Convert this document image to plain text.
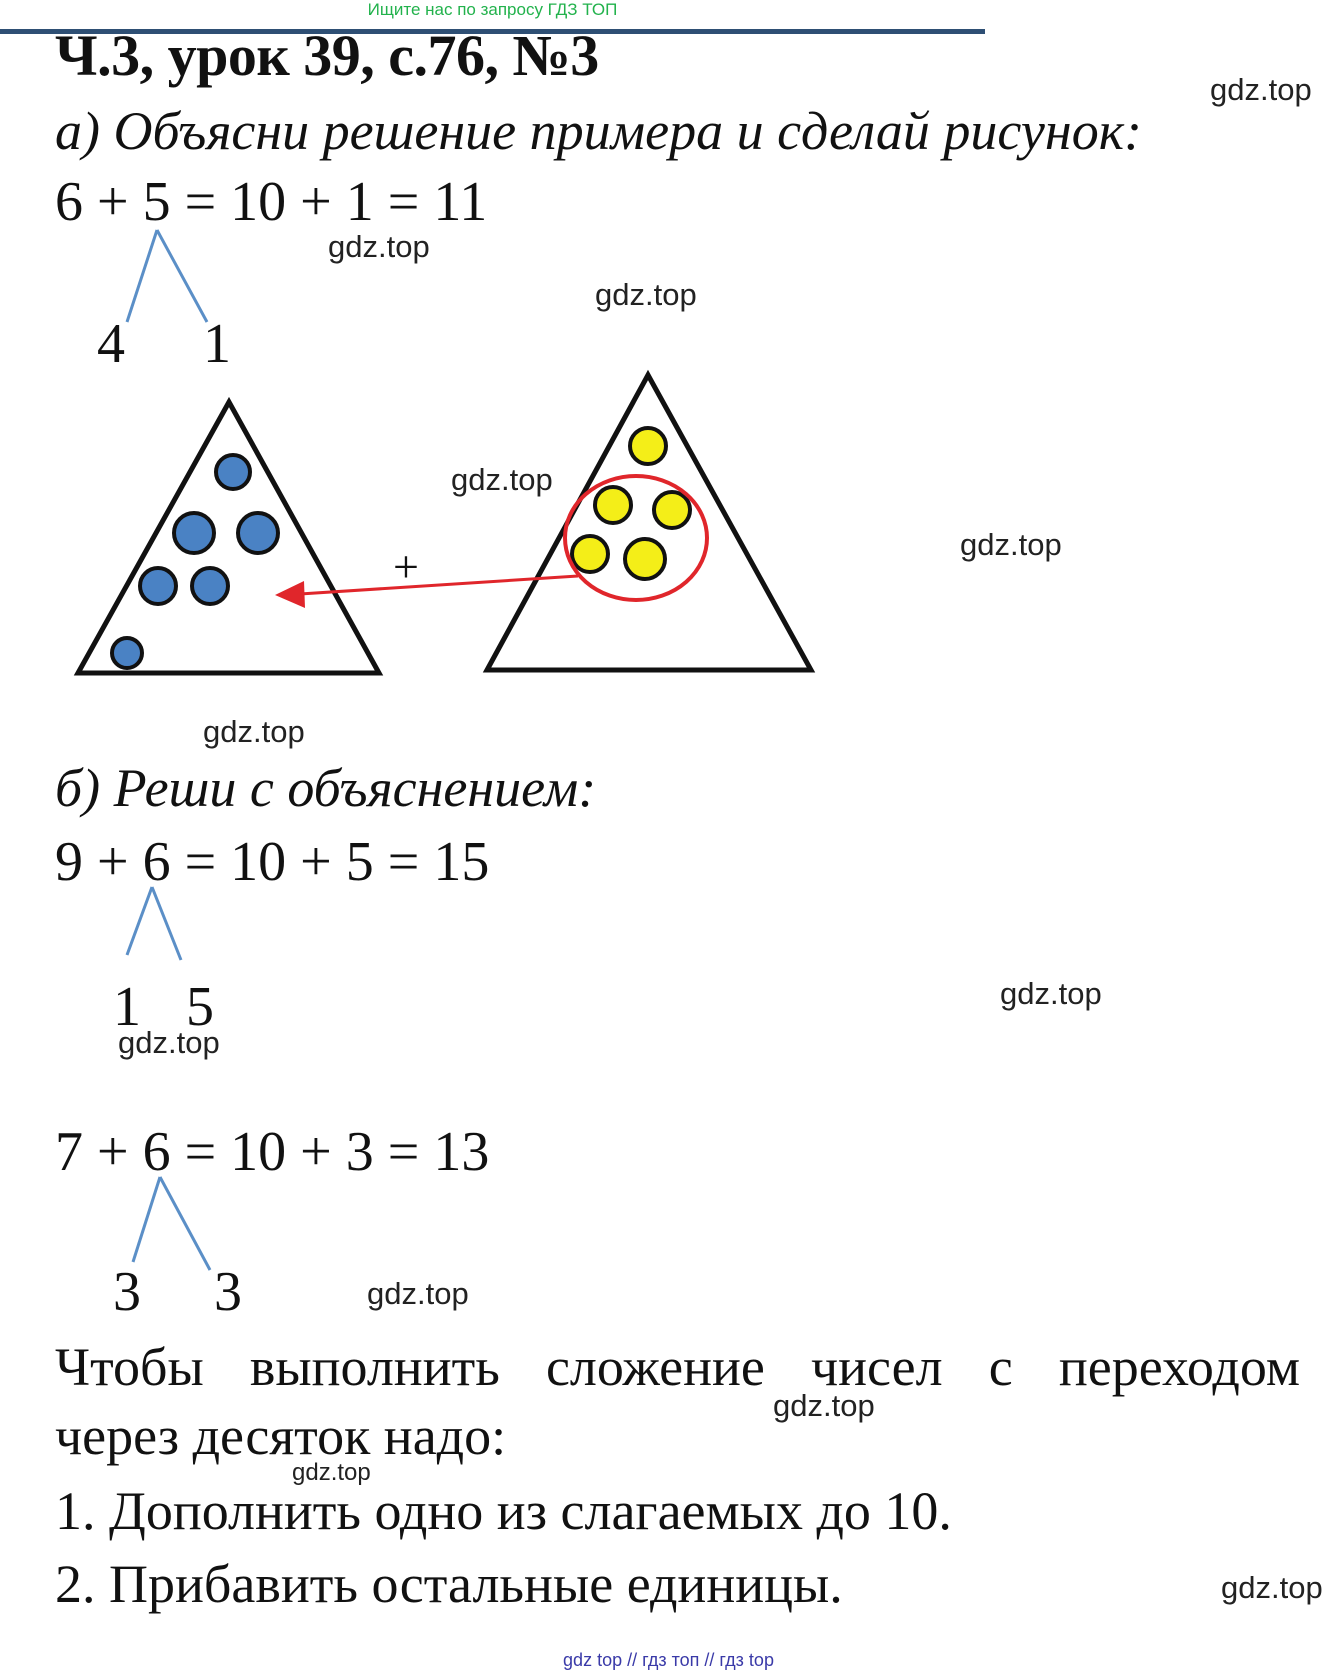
Ищите нас по запросу ГДЗ ТОП
Ч.3, урок 39, с.76, №3
а) Объясни решение примера и сделай рисунок:
6 + 5 = 10 + 1 = 11
4 1
+
б) Реши с объяснением:
9 + 6 = 10 + 5 = 15
1 5
7 + 6 = 10 + 3 = 13
3 3
Чтобы выполнить сложение чисел с переходом
через десяток надо:
1. Дополнить одно из слагаемых до 10.
2. Прибавить остальные единицы.
gdz.top
gdz.top
gdz.top
gdz.top
gdz.top
gdz.top
gdz.top
gdz.top
gdz.top
gdz.top
gdz.top
gdz.top
gdz top // гдз топ // гдз top
